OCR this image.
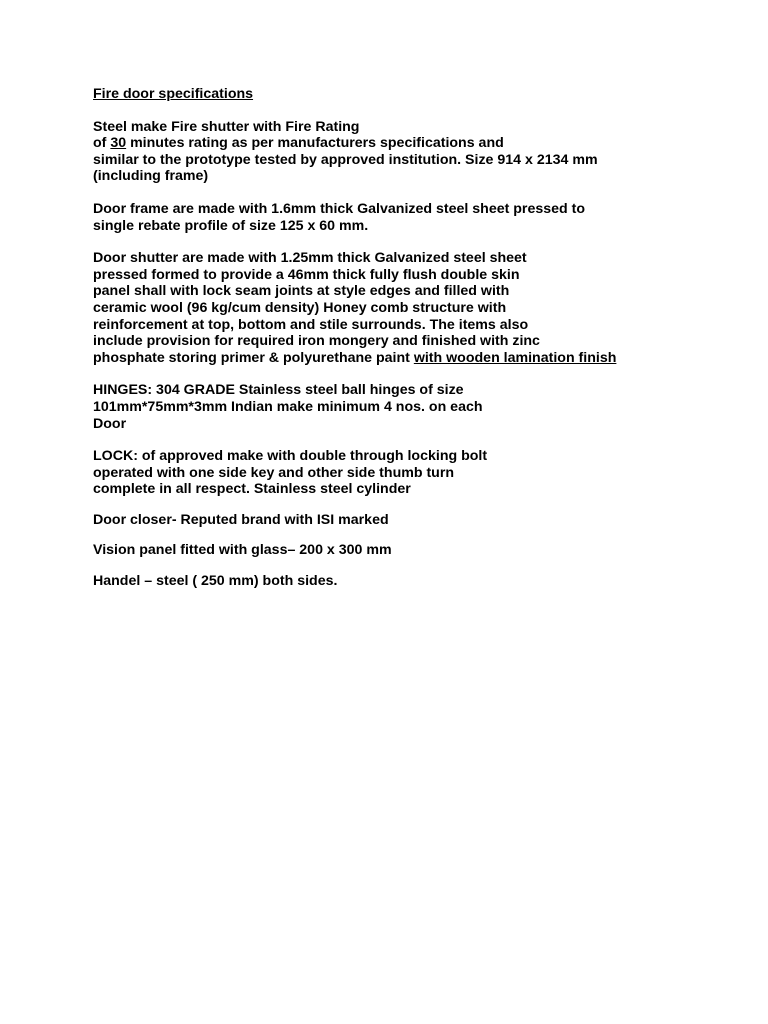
Fire door specifications
Steel make Fire shutter with Fire Rating
of 30 minutes rating as per manufacturers specifications and
similar to the prototype tested by approved institution. Size 914 x 2134 mm
(including frame)
Door frame are made with 1.6mm thick Galvanized steel sheet pressed to
single rebate profile of size 125 x 60 mm.
Door shutter are made with 1.25mm thick Galvanized steel sheet
pressed formed to provide a 46mm thick fully flush double skin
panel shall with lock seam joints at style edges and filled with
ceramic wool (96 kg/cum density) Honey comb structure with
reinforcement at top, bottom and stile surrounds. The items also
include provision for required iron mongery and finished with zinc
phosphate storing primer & polyurethane paint with wooden lamination finish
HINGES: 304 GRADE Stainless steel ball hinges of size
101mm*75mm*3mm Indian make minimum 4 nos. on each
Door
LOCK: of approved make with double through locking bolt
operated with one side key and other side thumb turn
complete in all respect. Stainless steel cylinder
Door closer- Reputed brand with ISI marked
Vision panel fitted with glass– 200 x 300 mm
Handel – steel ( 250 mm) both sides.
